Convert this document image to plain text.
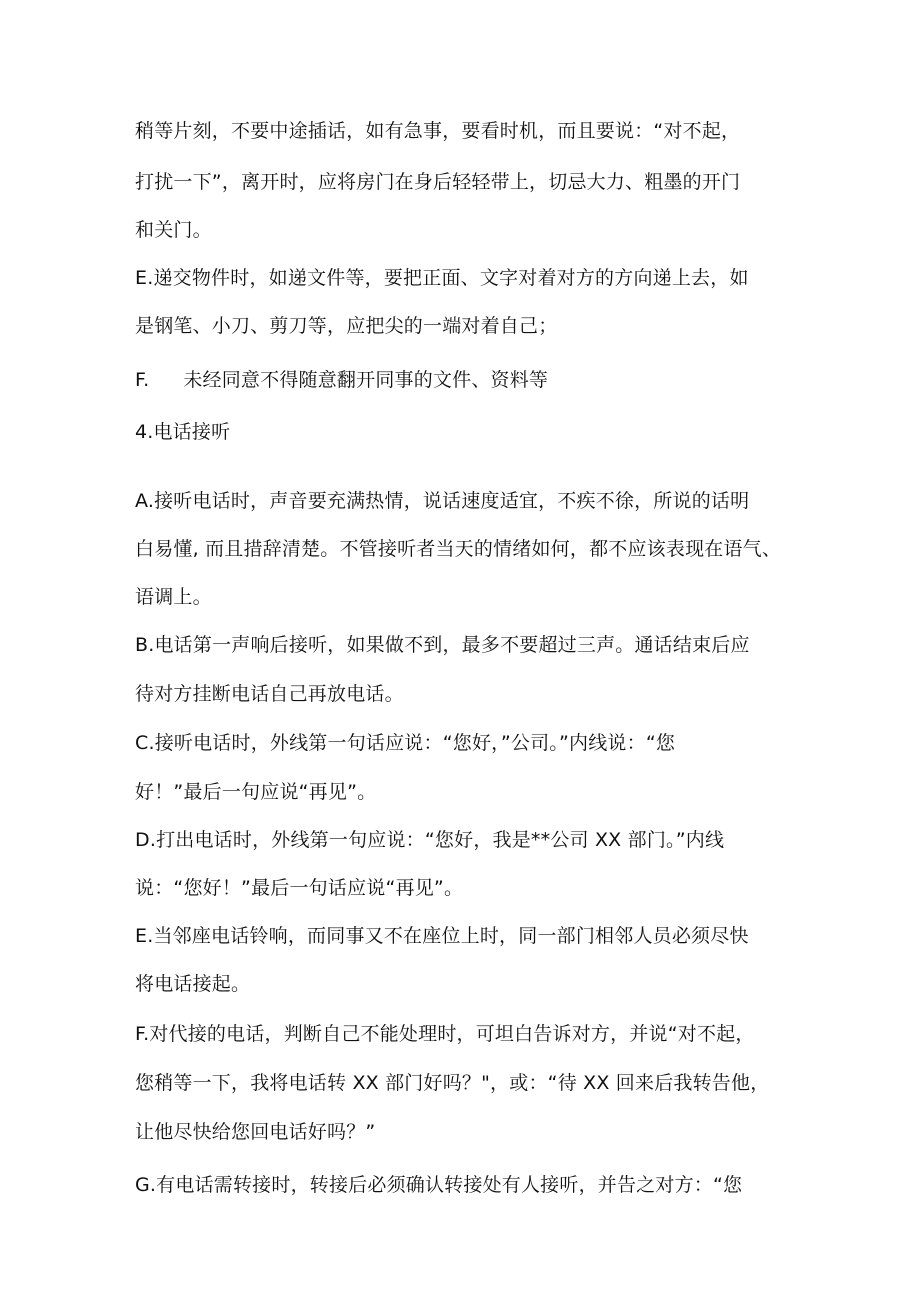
稍等片刻，不要中途插话，如有急事，要看时机，而且要说：“对不起，
打扰一下”，离开时，应将房门在身后轻轻带上，切忌大力、粗墨的开门
和关门。
E.递交物件时，如递文件等，要把正面、文字对着对方的方向递上去，如
是钢笔、小刀、剪刀等，应把尖的一端对着自己；
F. 未经同意不得随意翻开同事的文件、资料等
4.电话接听
A.接听电话时，声音要充满热情，说话速度适宜，不疾不徐，所说的话明
白易懂, 而且措辞清楚。不管接听者当天的情绪如何，都不应该表现在语气、
语调上。
B.电话第一声响后接听，如果做不到，最多不要超过三声。通话结束后应
待对方挂断电话自己再放电话。
C.接听电话时，外线第一句话应说：“您好，”公司。”内线说：“您
好！”最后一句应说“再见”。
D.打出电话时，外线第一句应说：“您好，我是**公司 XX 部门。”内线
说：“您好！”最后一句话应说“再见”。
E.当邻座电话铃响，而同事又不在座位上时，同一部门相邻人员必须尽快
将电话接起。
F.对代接的电话，判断自己不能处理时，可坦白告诉对方，并说“对不起，
您稍等一下，我将电话转 XX 部门好吗？"，或：“待 XX 回来后我转告他，
让他尽快给您回电话好吗？”
G.有电话需转接时，转接后必须确认转接处有人接听，并告之对方：“您
